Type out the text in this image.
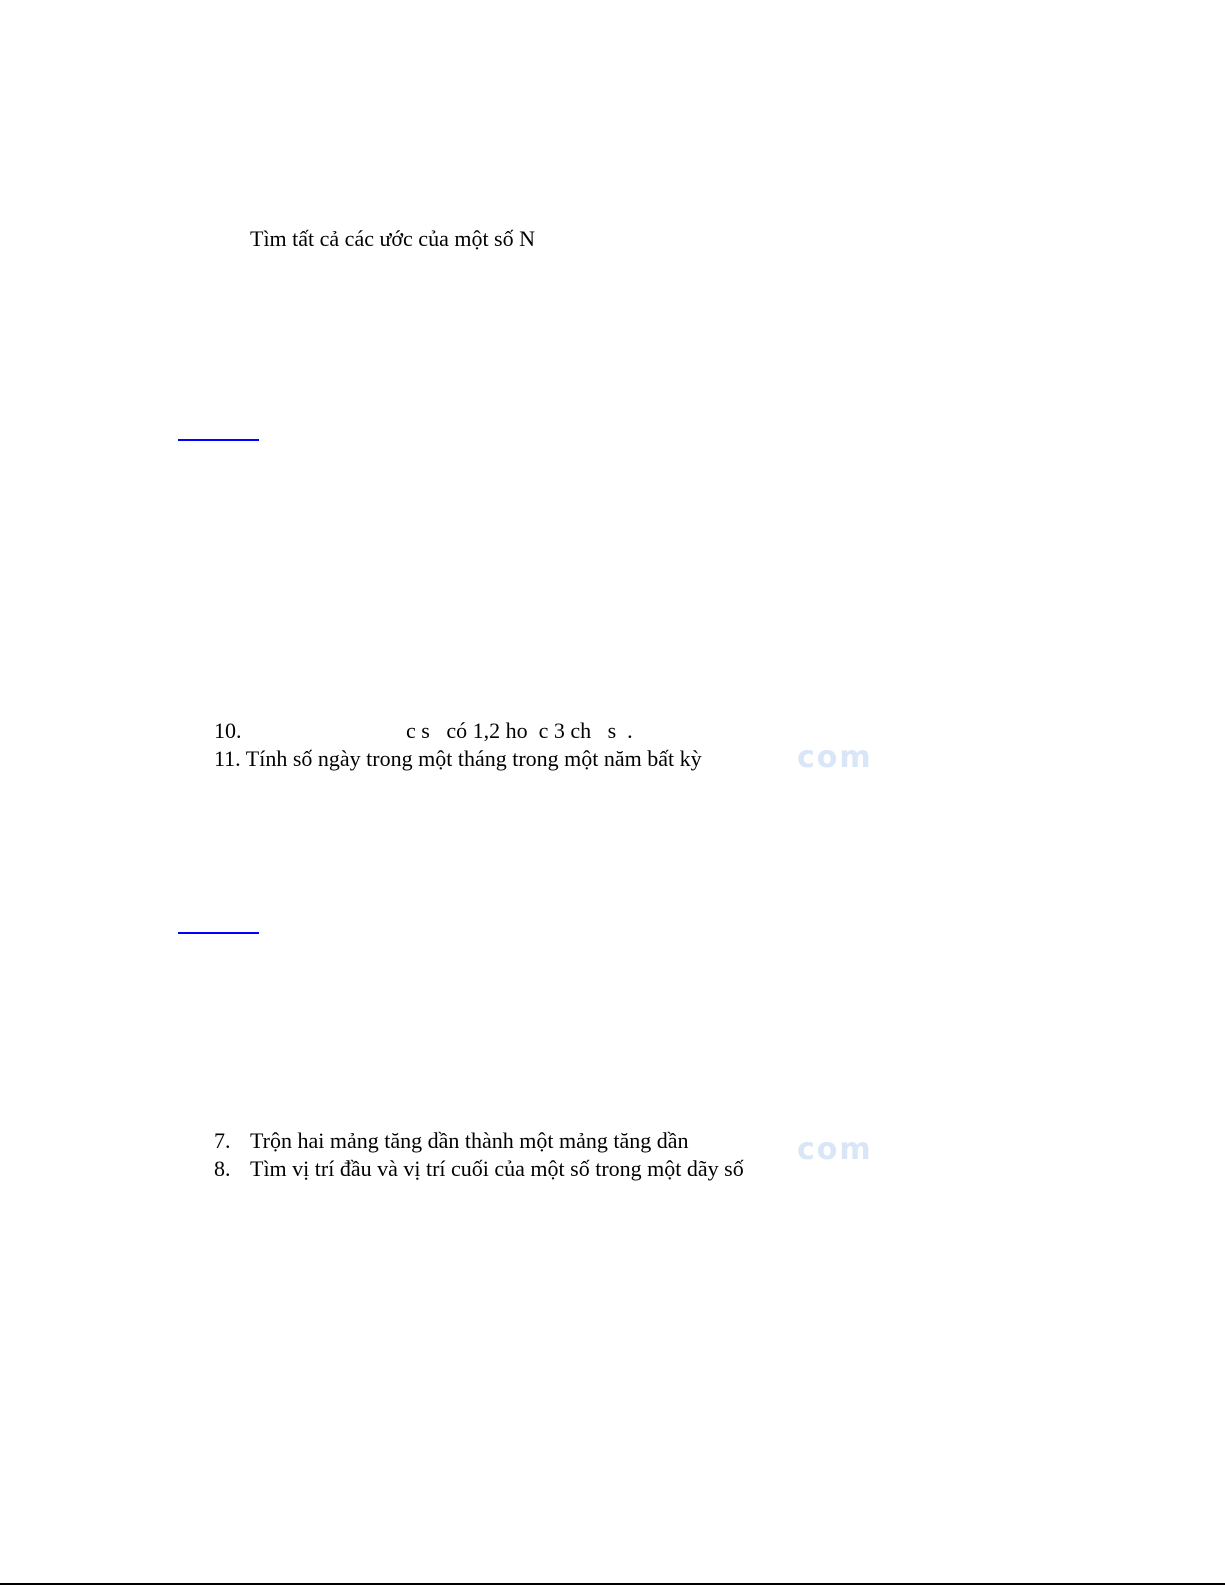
com
com
Tìm tất cả các ước của một số N
10.	c s   có 1,2 ho  c 3 ch   s  .
11. Tính số ngày trong một tháng trong một năm bất kỳ
7. Trộn hai mảng tăng dần thành một mảng tăng dần
8. Tìm vị trí đầu và vị trí cuối của một số trong một dãy số
